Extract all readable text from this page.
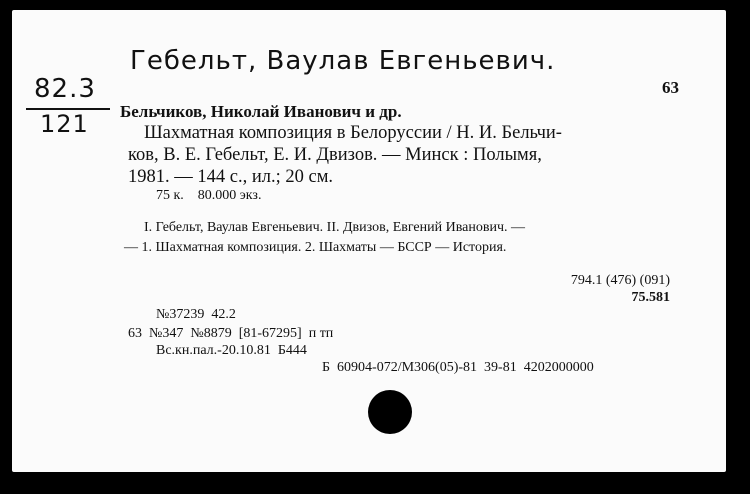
Гебельт, Ваулав Евгеньевич.
82.3
121
63
Бельчиков, Николай Иванович и др.
Шахматная композиция в Белоруссии / Н. И. Бельчи-
ков, В. Е. Гебельт, Е. И. Двизов. — Минск : Полымя,
1981. — 144 с., ил.; 20 см.
75 к.    80.000 экз.
I. Гебельт, Ваулав Евгеньевич. II. Двизов, Евгений Иванович. —
— 1. Шахматная композиция. 2. Шахматы — БССР — История.
794.1 (476) (091)
75.581
№37239  42.2
63  №347  №8879  [81-67295]  п тп
Вс.кн.пал.-20.10.81  Б444
Б  60904-072/М306(05)-81  39-81  4202000000
